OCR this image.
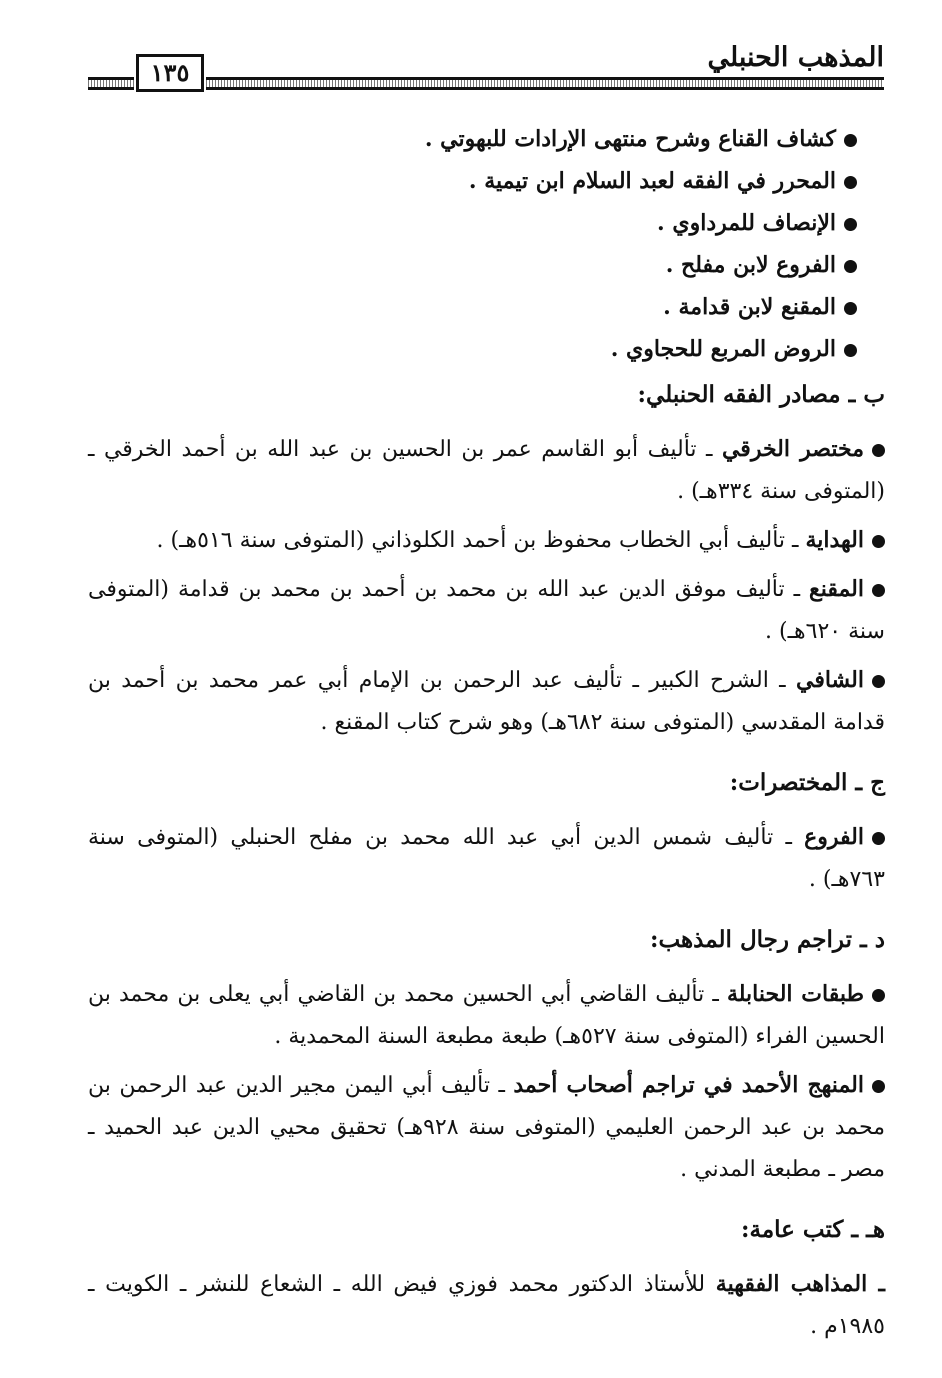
المذهب الحنبلي
١٣٥
كشاف القناع وشرح منتهى الإرادات للبهوتي .
المحرر في الفقه لعبد السلام ابن تيمية .
الإنصاف للمرداوي .
الفروع لابن مفلح .
المقنع لابن قدامة .
الروض المربع للحجاوي .
ب ـ مصادر الفقه الحنبلي:
مختصر الخرقي ـ تأليف أبو القاسم عمر بن الحسين بن عبد الله بن أحمد الخرقي ـ (المتوفى سنة ٣٣٤هـ) .
الهداية ـ تأليف أبي الخطاب محفوظ بن أحمد الكلوذاني (المتوفى سنة ٥١٦هـ) .
المقنع ـ تأليف موفق الدين عبد الله بن محمد بن أحمد بن محمد بن قدامة (المتوفى سنة ٦٢٠هـ) .
الشافي ـ الشرح الكبير ـ تأليف عبد الرحمن بن الإمام أبي عمر محمد بن أحمد بن قدامة المقدسي (المتوفى سنة ٦٨٢هـ) وهو شرح كتاب المقنع .
ج ـ المختصرات:
الفروع ـ تأليف شمس الدين أبي عبد الله محمد بن مفلح الحنبلي (المتوفى سنة ٧٦٣هـ) .
د ـ تراجم رجال المذهب:
طبقات الحنابلة ـ تأليف القاضي أبي الحسين محمد بن القاضي أبي يعلى بن محمد بن الحسين الفراء (المتوفى سنة ٥٢٧هـ) طبعة مطبعة السنة المحمدية .
المنهج الأحمد في تراجم أصحاب أحمد ـ تأليف أبي اليمن مجير الدين عبد الرحمن بن محمد بن عبد الرحمن العليمي (المتوفى سنة ٩٢٨هـ) تحقيق محيي الدين عبد الحميد ـ مصر ـ مطبعة المدني .
هـ ـ كتب عامة:
ـ المذاهب الفقهية للأستاذ الدكتور محمد فوزي فيض الله ـ الشعاع للنشر ـ الكويت ـ ١٩٨٥م .
